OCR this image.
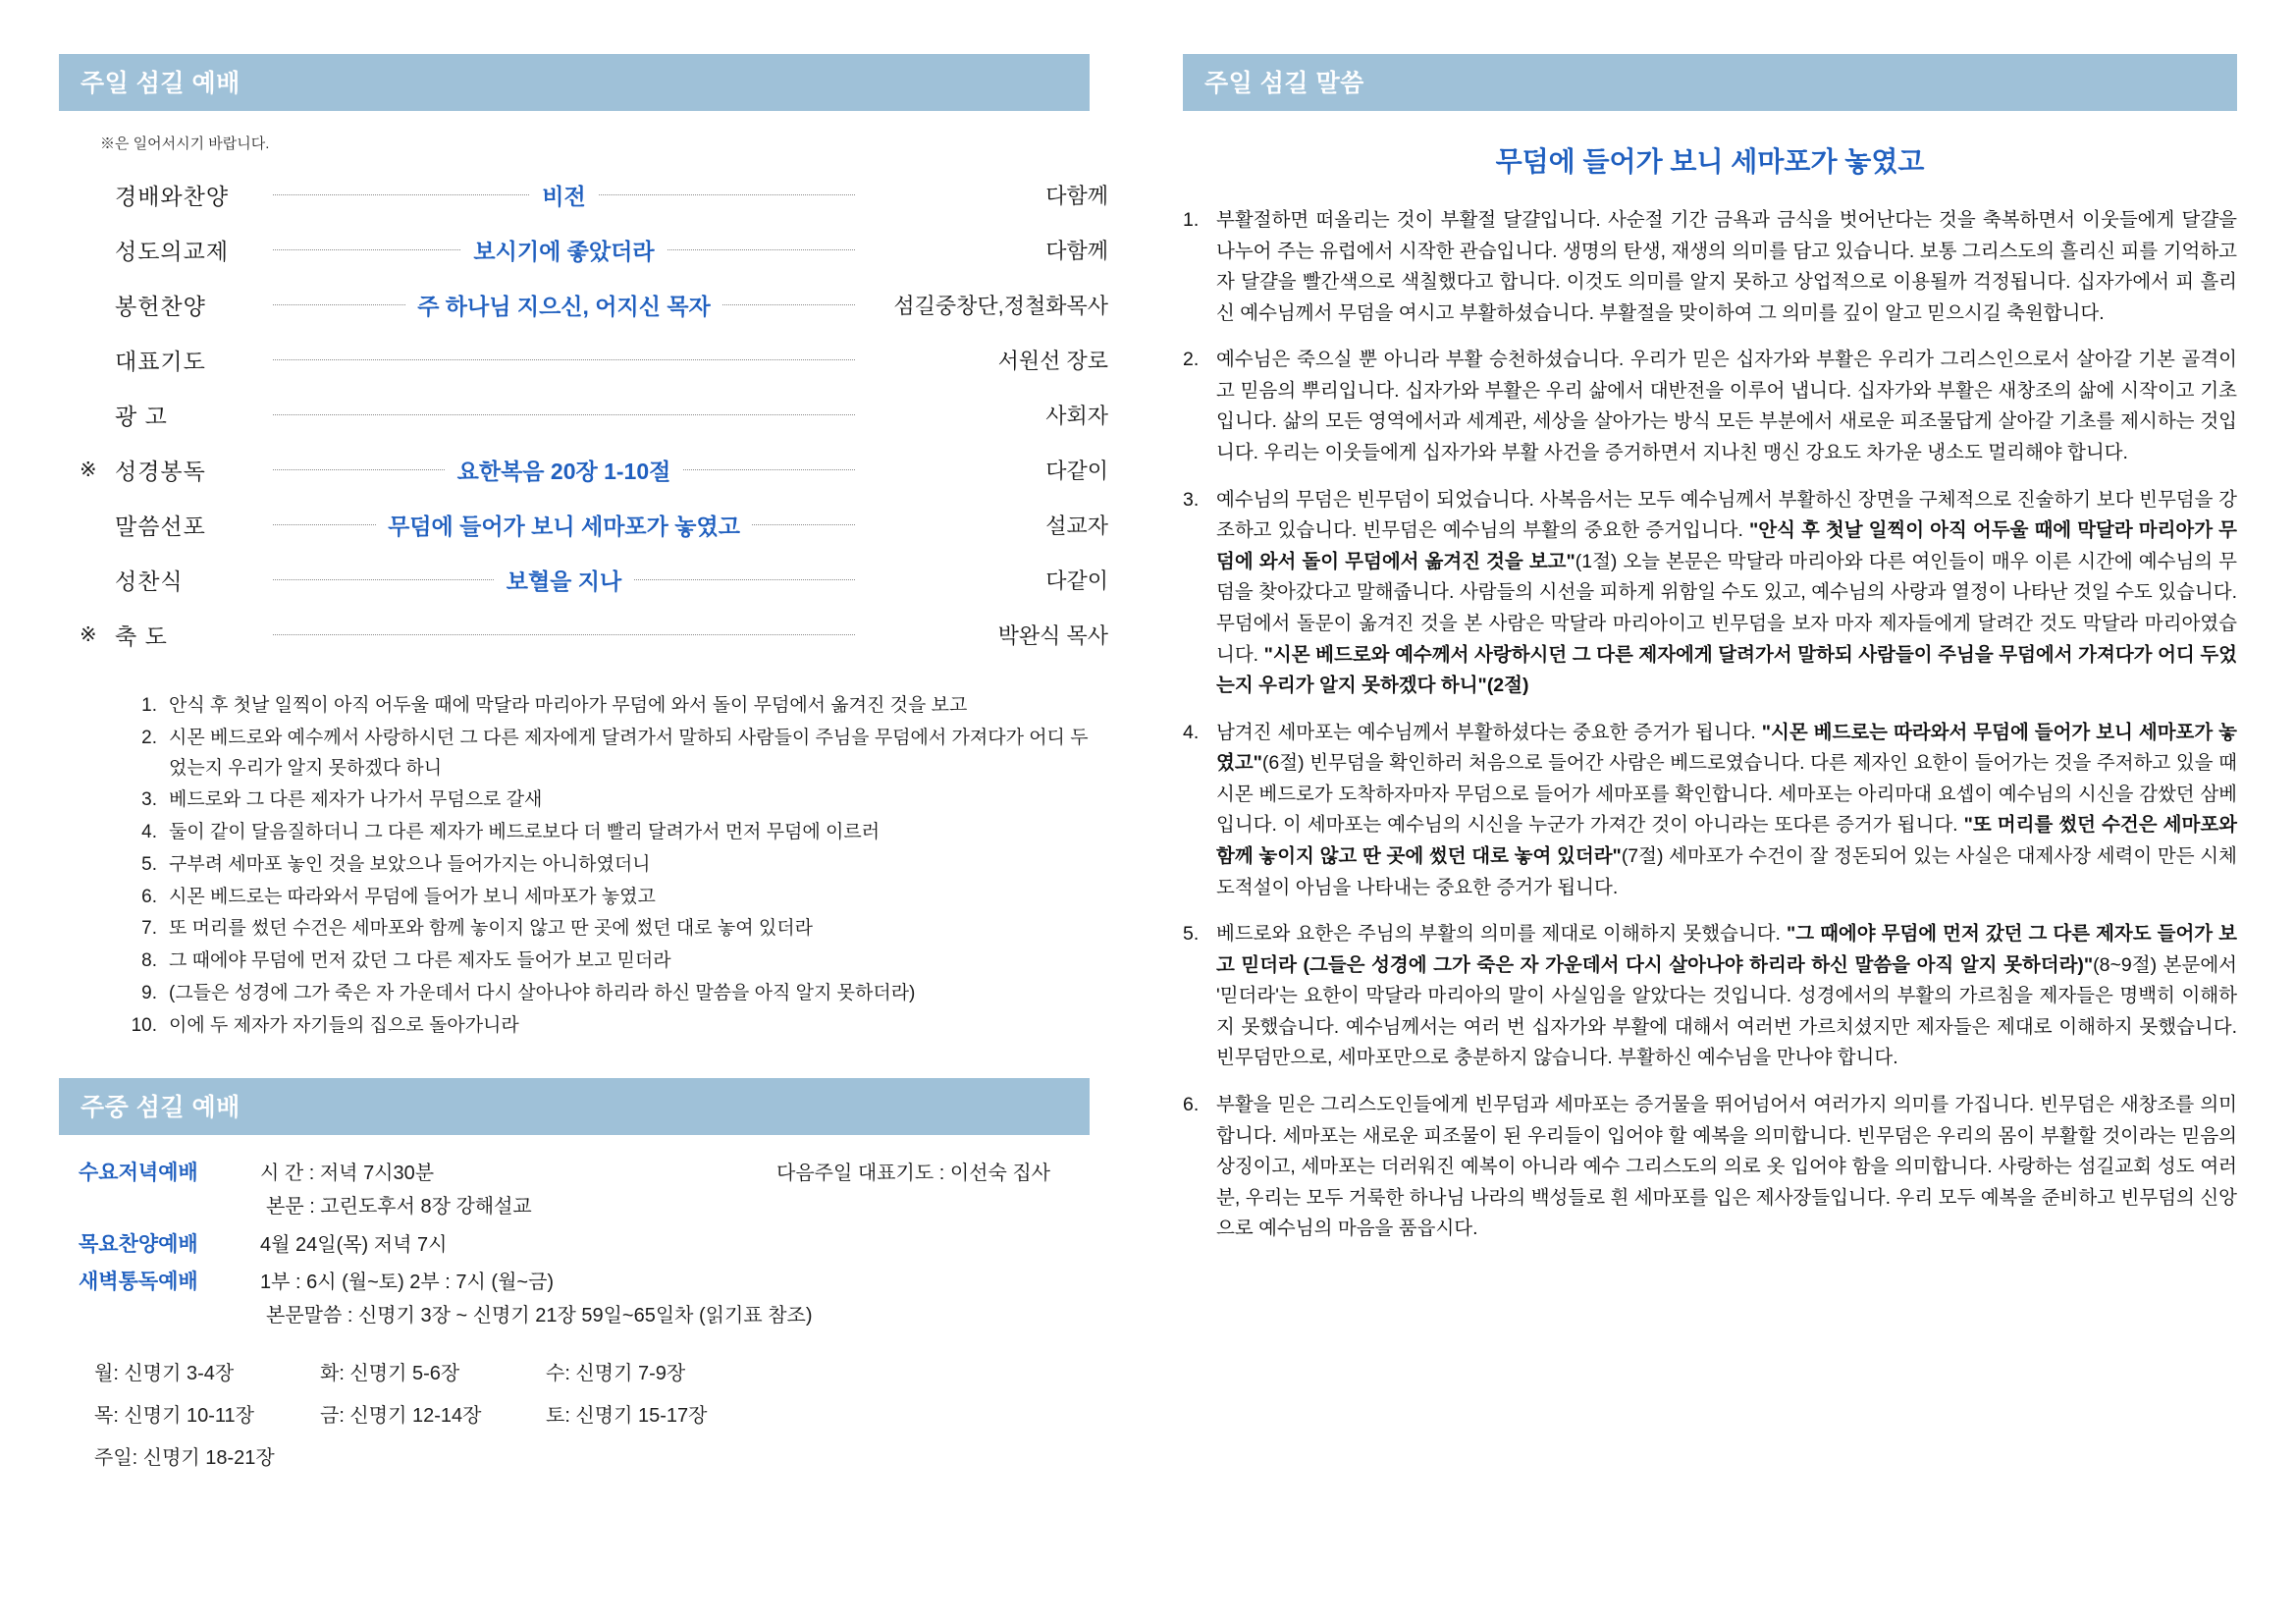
주일 섬길 예배
※은 일어서시기 바랍니다.
	경배와찬양	비전	다함께
	성도의교제	보시기에 좋았더라	다함께
	봉헌찬양	주 하나님 지으신, 어지신 목자	섬길중창단,정철화목사
	대표기도		서원선 장로
	광 고		사회자
※	성경봉독	요한복음 20장 1-10절	다같이
	말씀선포	무덤에 들어가 보니 세마포가 놓였고	설교자
	성찬식	보혈을 지나	다같이
※	축 도		박완식 목사
1. 안식 후 첫날 일찍이 아직 어두울 때에 막달라 마리아가 무덤에 와서 돌이 무덤에서 옮겨진 것을 보고
2. 시몬 베드로와 예수께서 사랑하시던 그 다른 제자에게 달려가서 말하되 사람들이 주님을 무덤에서 가져다가 어디 두었는지 우리가 알지 못하겠다 하니
3. 베드로와 그 다른 제자가 나가서 무덤으로 갈새
4. 둘이 같이 달음질하더니 그 다른 제자가 베드로보다 더 빨리 달려가서 먼저 무덤에 이르러
5. 구부려 세마포 놓인 것을 보았으나 들어가지는 아니하였더니
6. 시몬 베드로는 따라와서 무덤에 들어가 보니 세마포가 놓였고
7. 또 머리를 썼던 수건은 세마포와 함께 놓이지 않고 딴 곳에 썼던 대로 놓여 있더라
8. 그 때에야 무덤에 먼저 갔던 그 다른 제자도 들어가 보고 믿더라
9. (그들은 성경에 그가 죽은 자 가운데서 다시 살아나야 하리라 하신 말씀을 아직 알지 못하더라)
10. 이에 두 제자가 자기들의 집으로 돌아가니라
주중 섬길 예배
수요저녁예배	다음주일 대표기도 : 이선숙 집사
시 간 : 저녁 7시30분
본문 : 고린도후서 8장 강해설교
목요찬양예배	4월 24일(목) 저녁 7시
새벽통독예배	1부 : 6시 (월~토) 2부 : 7시 (월~금)
본문말씀 : 신명기 3장 ~ 신명기 21장 59일~65일차 (읽기표 참조)
월: 신명기 3-4장	화: 신명기 5-6장	수: 신명기 7-9장
목: 신명기 10-11장	금: 신명기 12-14장	토: 신명기 15-17장
주일: 신명기 18-21장
주일 섬길 말씀
무덤에 들어가 보니 세마포가 놓였고
1. 부활절하면 떠올리는 것이 부활절 달걀입니다. 사순절 기간 금욕과 금식을 벗어난다는 것을 축복하면서 이웃들에게 달걀을 나누어 주는 유럽에서 시작한 관습입니다. 생명의 탄생, 재생의 의미를 담고 있습니다. 보통 그리스도의 흘리신 피를 기억하고자 달걀을 빨간색으로 색칠했다고 합니다. 이것도 의미를 알지 못하고 상업적으로 이용될까 걱정됩니다. 십자가에서 피 흘리신 예수님께서 무덤을 여시고 부활하셨습니다. 부활절을 맞이하여 그 의미를 깊이 알고 믿으시길 축원합니다.
2. 예수님은 죽으실 뿐 아니라 부활 승천하셨습니다. 우리가 믿은 십자가와 부활은 우리가 그리스인으로서 살아갈 기본 골격이고 믿음의 뿌리입니다. 십자가와 부활은 우리 삶에서 대반전을 이루어 냅니다. 십자가와 부활은 새창조의 삶에 시작이고 기초입니다. 삶의 모든 영역에서과 세계관, 세상을 살아가는 방식 모든 부분에서 새로운 피조물답게 살아갈 기초를 제시하는 것입니다. 우리는 이웃들에게 십자가와 부활 사건을 증거하면서 지나친 맹신 강요도 차가운 냉소도 멀리해야 합니다.
3. 예수님의 무덤은 빈무덤이 되었습니다. 사복음서는 모두 예수님께서 부활하신 장면을 구체적으로 진술하기 보다 빈무덤을 강조하고 있습니다. 빈무덤은 예수님의 부활의 중요한 증거입니다. "안식 후 첫날 일찍이 아직 어두울 때에 막달라 마리아가 무덤에 와서 돌이 무덤에서 옮겨진 것을 보고"(1절) 오늘 본문은 막달라 마리아와 다른 여인들이 매우 이른 시간에 예수님의 무덤을 찾아갔다고 말해줍니다. 사람들의 시선을 피하게 위함일 수도 있고, 예수님의 사랑과 열정이 나타난 것일 수도 있습니다. 무덤에서 돌문이 옮겨진 것을 본 사람은 막달라 마리아이고 빈무덤을 보자 마자 제자들에게 달려간 것도 막달라 마리아였습니다. "시몬 베드로와 예수께서 사랑하시던 그 다른 제자에게 달려가서 말하되 사람들이 주님을 무덤에서 가져다가 어디 두었는지 우리가 알지 못하겠다 하니"(2절)
4. 남겨진 세마포는 예수님께서 부활하셨다는 중요한 증거가 됩니다. "시몬 베드로는 따라와서 무덤에 들어가 보니 세마포가 놓였고"(6절) 빈무덤을 확인하러 처음으로 들어간 사람은 베드로였습니다. 다른 제자인 요한이 들어가는 것을 주저하고 있을 때 시몬 베드로가 도착하자마자 무덤으로 들어가 세마포를 확인합니다. 세마포는 아리마대 요셉이 예수님의 시신을 감쌌던 삼베입니다. 이 세마포는 예수님의 시신을 누군가 가져간 것이 아니라는 또다른 증거가 됩니다. "또 머리를 썼던 수건은 세마포와 함께 놓이지 않고 딴 곳에 썼던 대로 놓여 있더라"(7절) 세마포가 수건이 잘 정돈되어 있는 사실은 대제사장 세력이 만든 시체 도적설이 아님을 나타내는 중요한 증거가 됩니다.
5. 베드로와 요한은 주님의 부활의 의미를 제대로 이해하지 못했습니다. "그 때에야 무덤에 먼저 갔던 그 다른 제자도 들어가 보고 믿더라 (그들은 성경에 그가 죽은 자 가운데서 다시 살아나야 하리라 하신 말씀을 아직 알지 못하더라)"(8~9절) 본문에서 '믿더라'는 요한이 막달라 마리아의 말이 사실임을 알았다는 것입니다. 성경에서의 부활의 가르침을 제자들은 명백히 이해하지 못했습니다. 예수님께서는 여러 번 십자가와 부활에 대해서 여러번 가르치셨지만 제자들은 제대로 이해하지 못했습니다. 빈무덤만으로, 세마포만으로 충분하지 않습니다. 부활하신 예수님을 만나야 합니다.
6. 부활을 믿은 그리스도인들에게 빈무덤과 세마포는 증거물을 뛰어넘어서 여러가지 의미를 가집니다. 빈무덤은 새창조를 의미합니다. 세마포는 새로운 피조물이 된 우리들이 입어야 할 예복을 의미합니다. 빈무덤은 우리의 몸이 부활할 것이라는 믿음의 상징이고, 세마포는 더러워진 예복이 아니라 예수 그리스도의 의로 옷 입어야 함을 의미합니다. 사랑하는 섬길교회 성도 여러분, 우리는 모두 거룩한 하나님 나라의 백성들로 흰 세마포를 입은 제사장들입니다. 우리 모두 예복을 준비하고 빈무덤의 신앙으로 예수님의 마음을 품읍시다.
